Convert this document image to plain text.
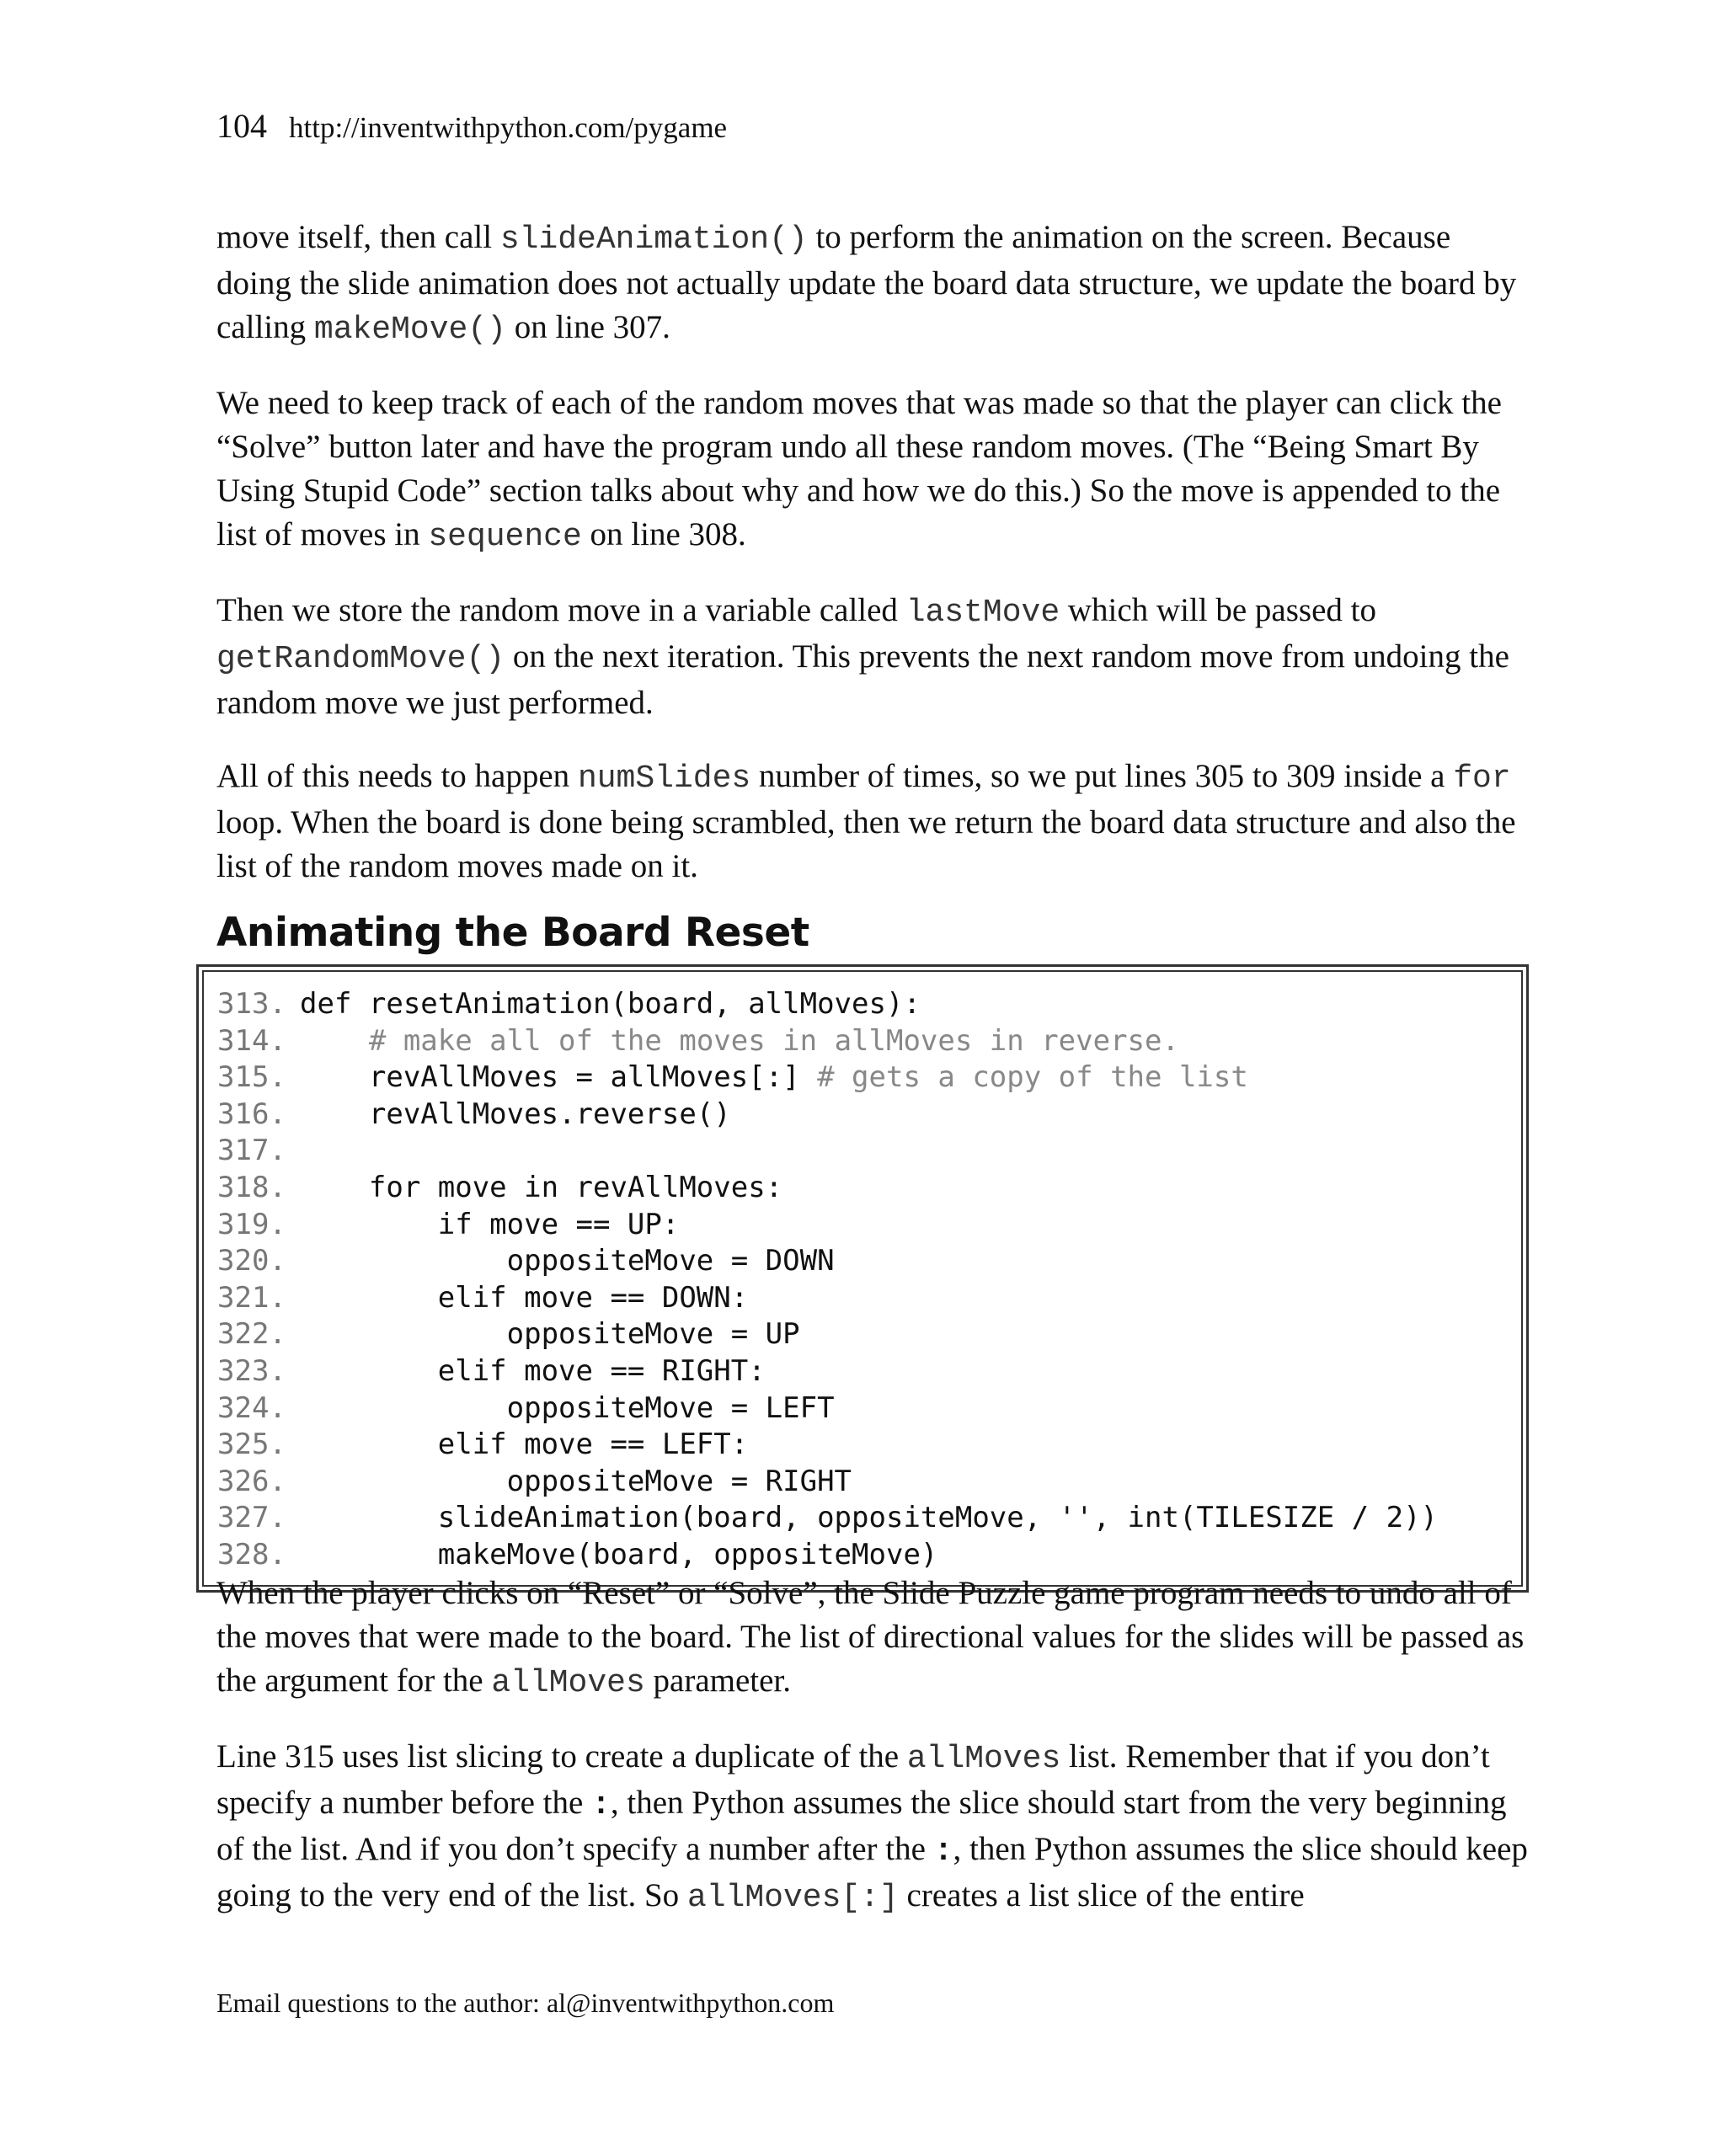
104 http://inventwithpython.com/pygame

move itself, then call slideAnimation() to perform the animation on the screen. Because doing the slide animation does not actually update the board data structure, we update the board by calling makeMove() on line 307.

We need to keep track of each of the random moves that was made so that the player can click the “Solve” button later and have the program undo all these random moves. (The “Being Smart By Using Stupid Code” section talks about why and how we do this.) So the move is appended to the list of moves in sequence on line 308.

Then we store the random move in a variable called lastMove which will be passed to getRandomMove() on the next iteration. This prevents the next random move from undoing the random move we just performed.

All of this needs to happen numSlides number of times, so we put lines 305 to 309 inside a for loop. When the board is done being scrambled, then we return the board data structure and also the list of the random moves made on it.

Animating the Board Reset
313. def resetAnimation(board, allMoves):
314.	# make all of the moves in allMoves in reverse.
315.    revAllMoves = allMoves[:] # gets a copy of the list
316.    revAllMoves.reverse()
317.
318.    for move in revAllMoves:
319.        if move == UP:
320.            oppositeMove = DOWN
321.        elif move == DOWN:
322.            oppositeMove = UP
323.        elif move == RIGHT:
324.            oppositeMove = LEFT
325.        elif move == LEFT:
326.            oppositeMove = RIGHT
327.        slideAnimation(board, oppositeMove, '', int(TILESIZE / 2))
328.        makeMove(board, oppositeMove)

When the player clicks on “Reset” or “Solve”, the Slide Puzzle game program needs to undo all of the moves that were made to the board. The list of directional values for the slides will be passed as the argument for the allMoves parameter.

Line 315 uses list slicing to create a duplicate of the allMoves list. Remember that if you don’t specify a number before the :, then Python assumes the slice should start from the very beginning of the list. And if you don’t specify a number after the :, then Python assumes the slice should keep going to the very end of the list. So allMoves[:] creates a list slice of the entire

Email questions to the author: al@inventwithpython.com
